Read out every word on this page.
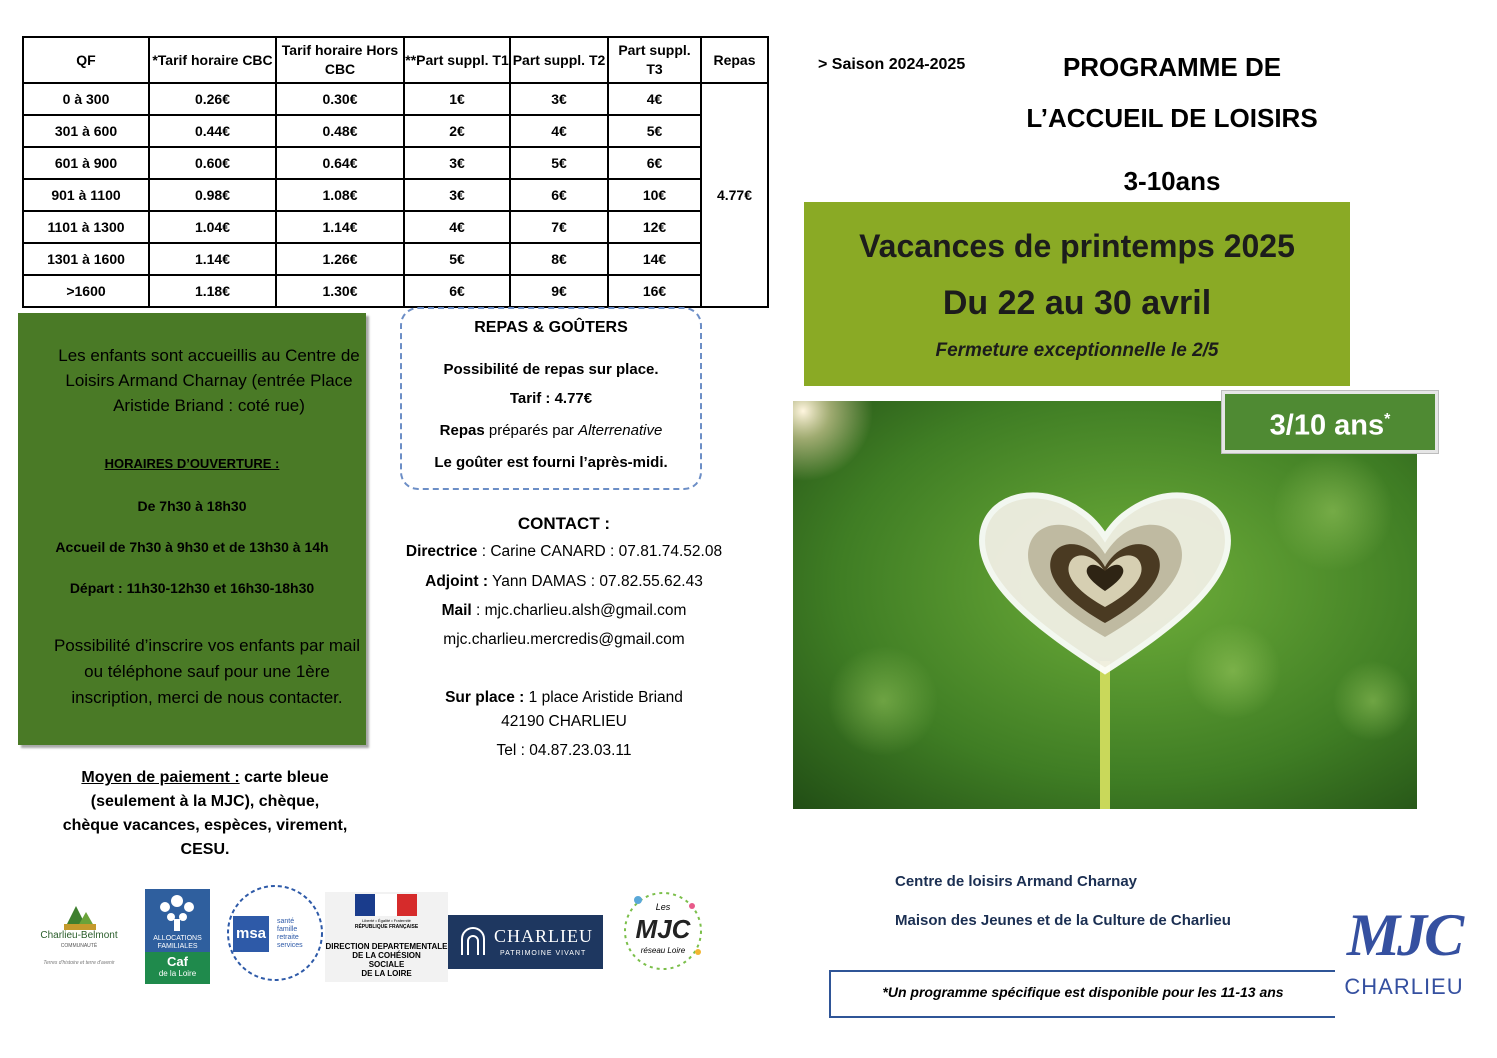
QF	*Tarif horaire CBC	Tarif horaire Hors CBC	**Part suppl. T1	Part suppl. T2	Part suppl. T3	Repas
0 à 300	0.26€	0.30€	1€	3€	4€	4.77€
301 à 600	0.44€	0.48€	2€	4€	5€	
601 à 900	0.60€	0.64€	3€	5€	6€	
901 à 1100	0.98€	1.08€	3€	6€	10€	
1101 à 1300	1.04€	1.14€	4€	7€	12€	
1301 à 1600	1.14€	1.26€	5€	8€	14€	
>1600	1.18€	1.30€	6€	9€	16€	
Les enfants sont accueillis au Centre de Loisirs Armand Charnay (entrée Place Aristide Briand : coté rue)
HORAIRES D’OUVERTURE :
De 7h30 à 18h30
Accueil de 7h30 à 9h30 et de 13h30 à 14h
Départ : 11h30-12h30 et 16h30-18h30
Possibilité d’inscrire vos enfants par mail ou téléphone sauf pour une 1ère inscription, merci de nous contacter.
REPAS & GOÛTERS
Possibilité de repas sur place.
Tarif : 4.77€
Repas préparés par Alterrenative
Le goûter est fourni l’après-midi.
CONTACT :
Directrice : Carine CANARD : 07.81.74.52.08
Adjoint : Yann DAMAS : 07.82.55.62.43
Mail : mjc.charlieu.alsh@gmail.com
mjc.charlieu.mercredis@gmail.com
Sur place : 1 place Aristide Briand
42190 CHARLIEU
Tel : 04.87.23.03.11
Moyen de paiement : carte bleue
(seulement à la MJC), chèque,
chèque vacances, espèces, virement,
CESU.
> Saison 2024-2025	PROGRAMME DE
L’ACCUEIL DE LOISIRS
3-10ans
Vacances de printemps 2025
Du 22 au 30 avril
Fermeture exceptionnelle le 2/5
3/10 ans*
Centre de loisirs Armand Charnay
Maison des Jeunes et de la Culture de Charlieu
*Un programme spécifique est disponible pour les 11-13 ans
Charlieu-Belmont
COMMUNAUTÉ
Terres d'histoire et terre d'avenir
ALLOCATIONS FAMILIALES
Caf
de la Loire
msa
santé
famille
retraite
services
Liberté • Égalité • Fraternité
RÉPUBLIQUE FRANÇAISE
DIRECTION DEPARTEMENTALE
DE LA COHÉSION
SOCIALE
DE LA LOIRE
CHARLIEU
PATRIMOINE VIVANT
Les
MJC
réseau Loire	MJC
CHARLIEU
